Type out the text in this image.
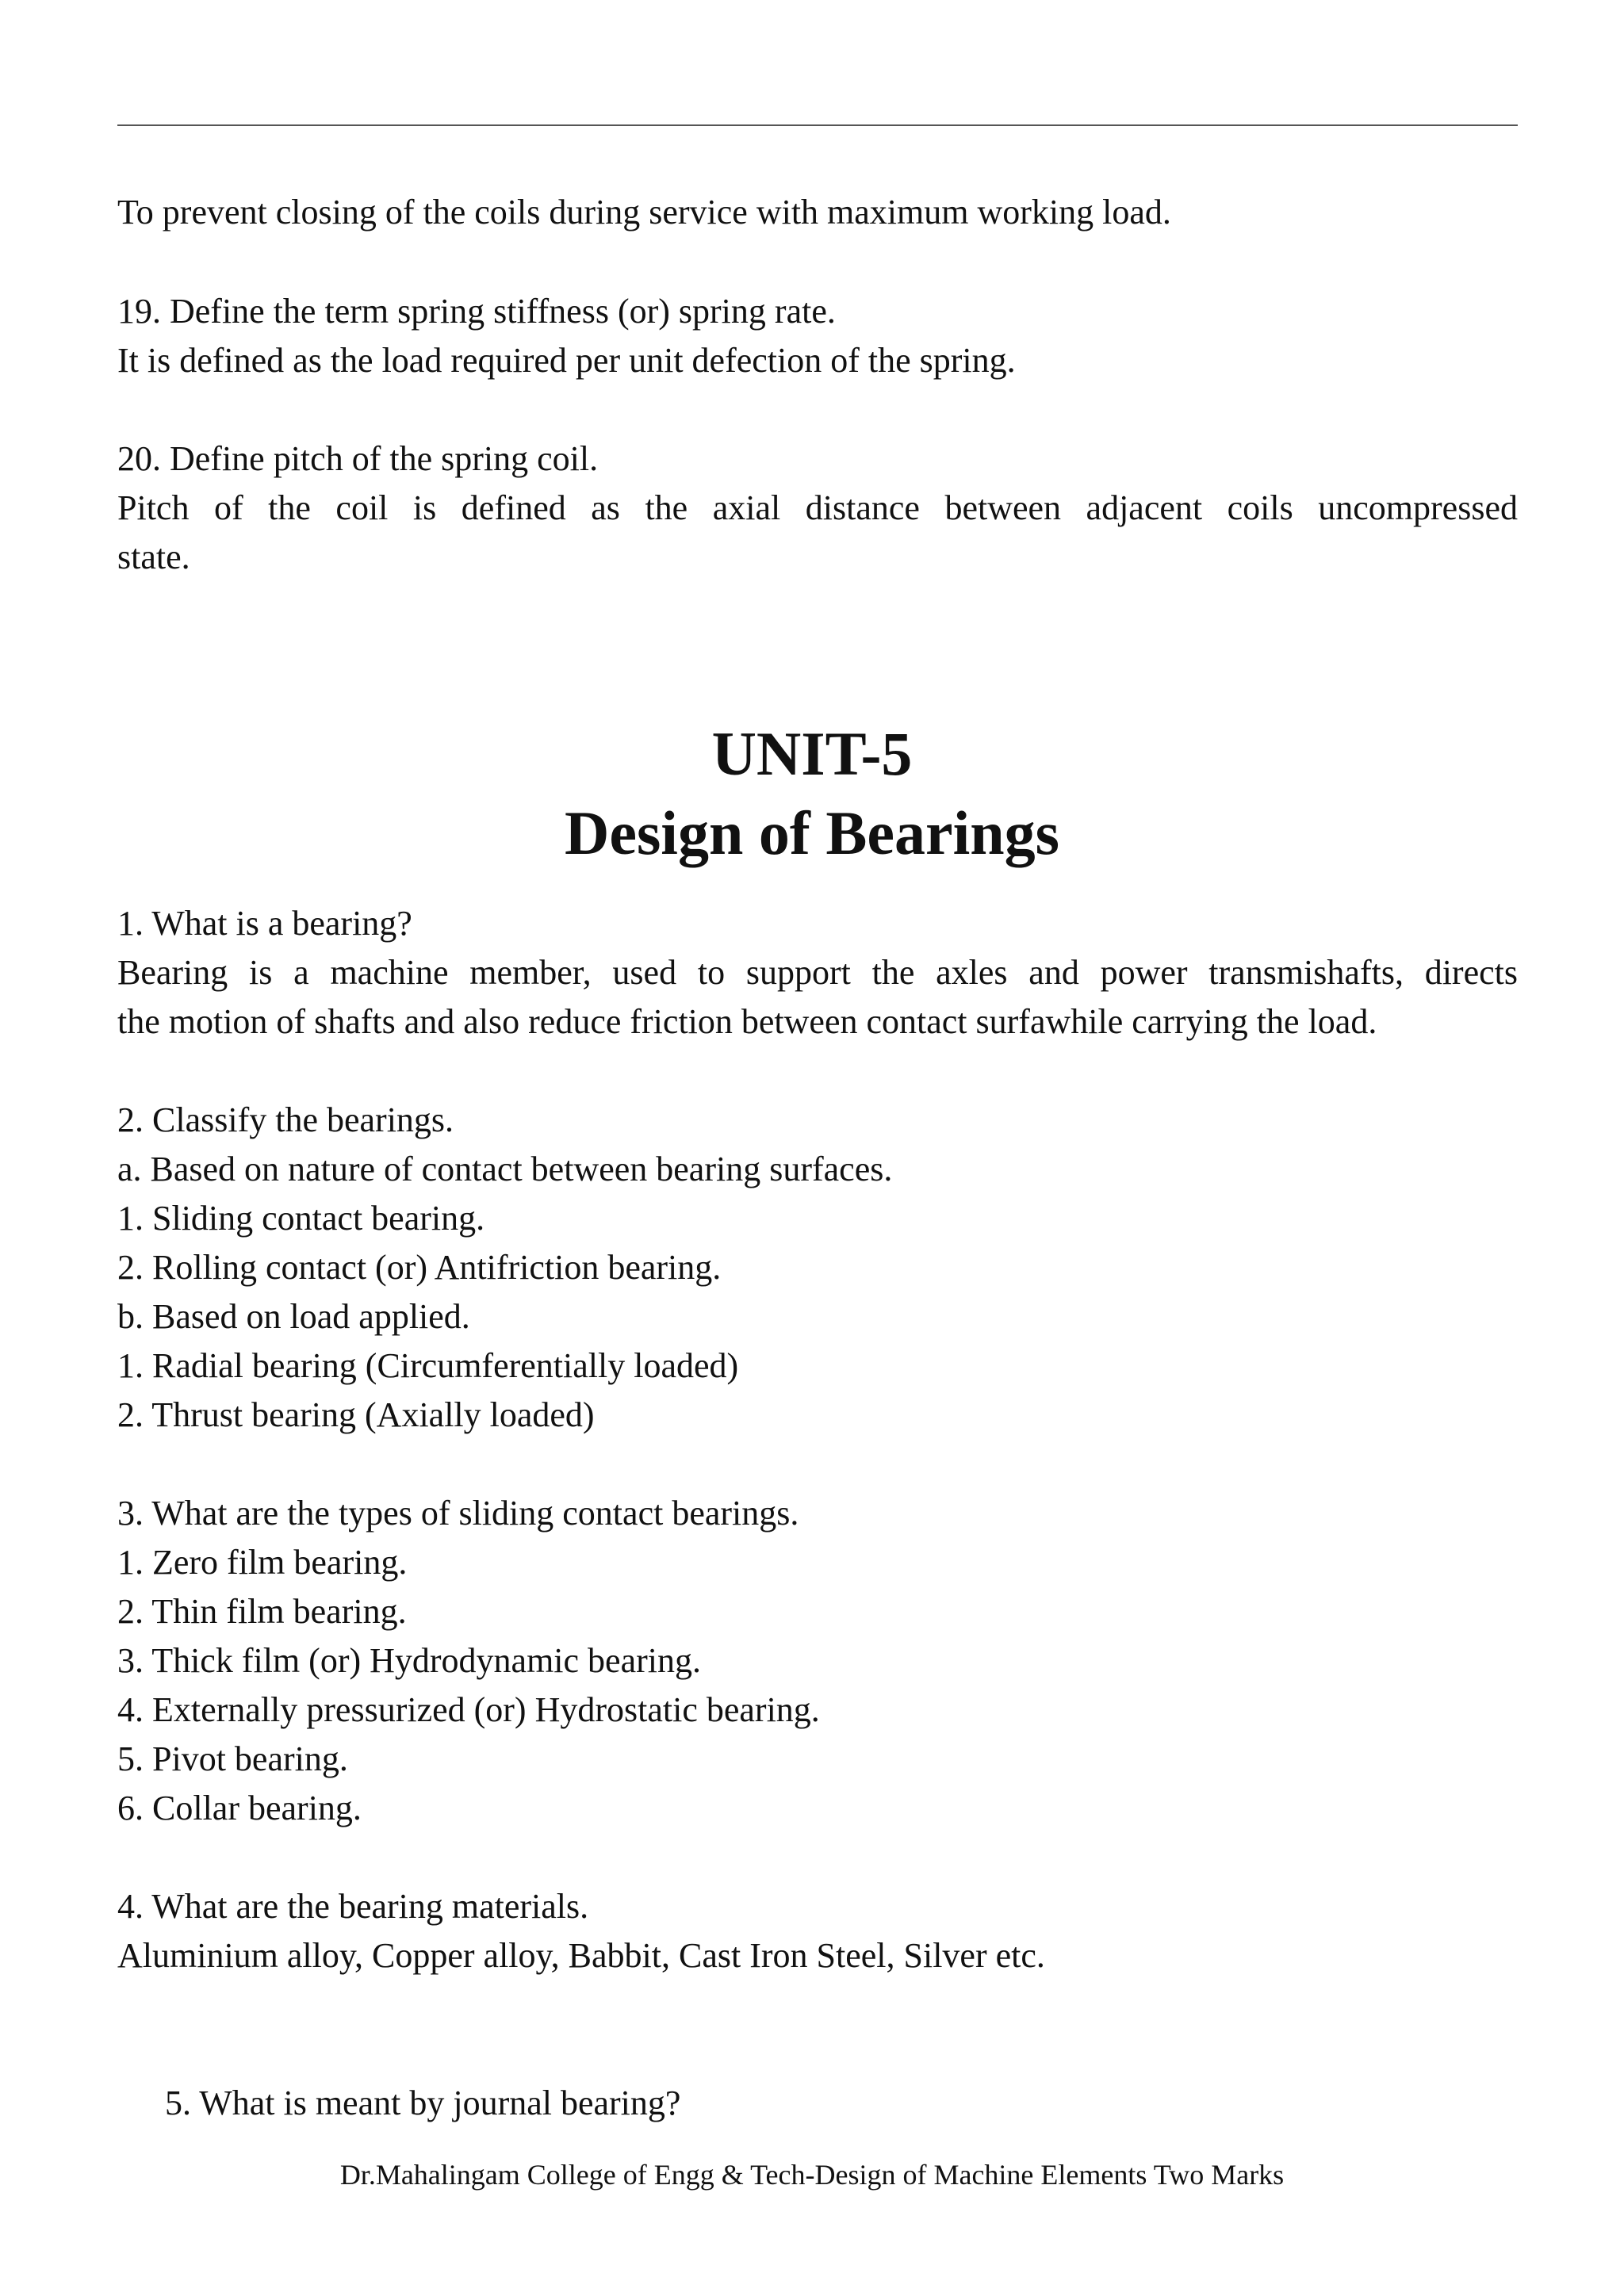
To prevent closing of the coils during service with maximum working load.
19. Define the term spring stiffness (or) spring rate.
It is defined as the load required per unit defection of the spring.
20. Define pitch of the spring coil.
Pitch of the coil is defined as the axial distance between adjacent coils uncompressed
state.
UNIT-5
Design of Bearings
1. What is a bearing?
Bearing is a machine member, used to support the axles and power transmishafts, directs
the motion of shafts and also reduce friction between contact surfawhile carrying the load.
2. Classify the bearings.
a. Based on nature of contact between bearing surfaces.
1. Sliding contact bearing.
2. Rolling contact (or) Antifriction bearing.
b. Based on load applied.
1. Radial bearing (Circumferentially loaded)
2. Thrust bearing (Axially loaded)
3. What are the types of sliding contact bearings.
1. Zero film bearing.
2. Thin film bearing.
3. Thick film (or) Hydrodynamic bearing.
4. Externally pressurized (or) Hydrostatic bearing.
5. Pivot bearing.
6. Collar bearing.
4. What are the bearing materials.
Aluminium alloy, Copper alloy, Babbit, Cast Iron Steel, Silver etc.
5. What is meant by journal bearing?
Dr.Mahalingam College of Engg & Tech-Design of Machine Elements Two Marks
